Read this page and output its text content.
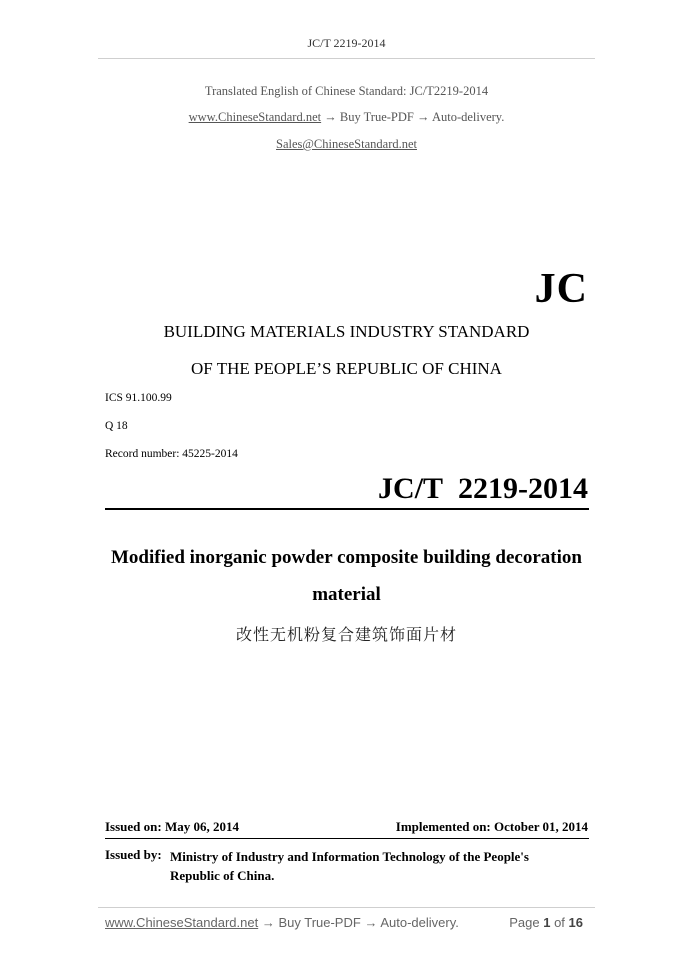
JC/T 2219-2014
Translated English of Chinese Standard: JC/T2219-2014
www.ChineseStandard.net → Buy True-PDF → Auto-delivery.
Sales@ChineseStandard.net
JC
BUILDING MATERIALS INDUSTRY STANDARD
OF THE PEOPLE’S REPUBLIC OF CHINA
ICS 91.100.99
Q 18
Record number: 45225-2014
JC/T 2219-2014
Modified inorganic powder composite building decoration
material
改性无机粉复合建筑饰面片材
Issued on: May 06, 2014	Implemented on: October 01, 2014
Issued by: Ministry of Industry and Information Technology of the People's Republic of China.
www.ChineseStandard.net → Buy True-PDF → Auto-delivery.	Page 1 of 16
